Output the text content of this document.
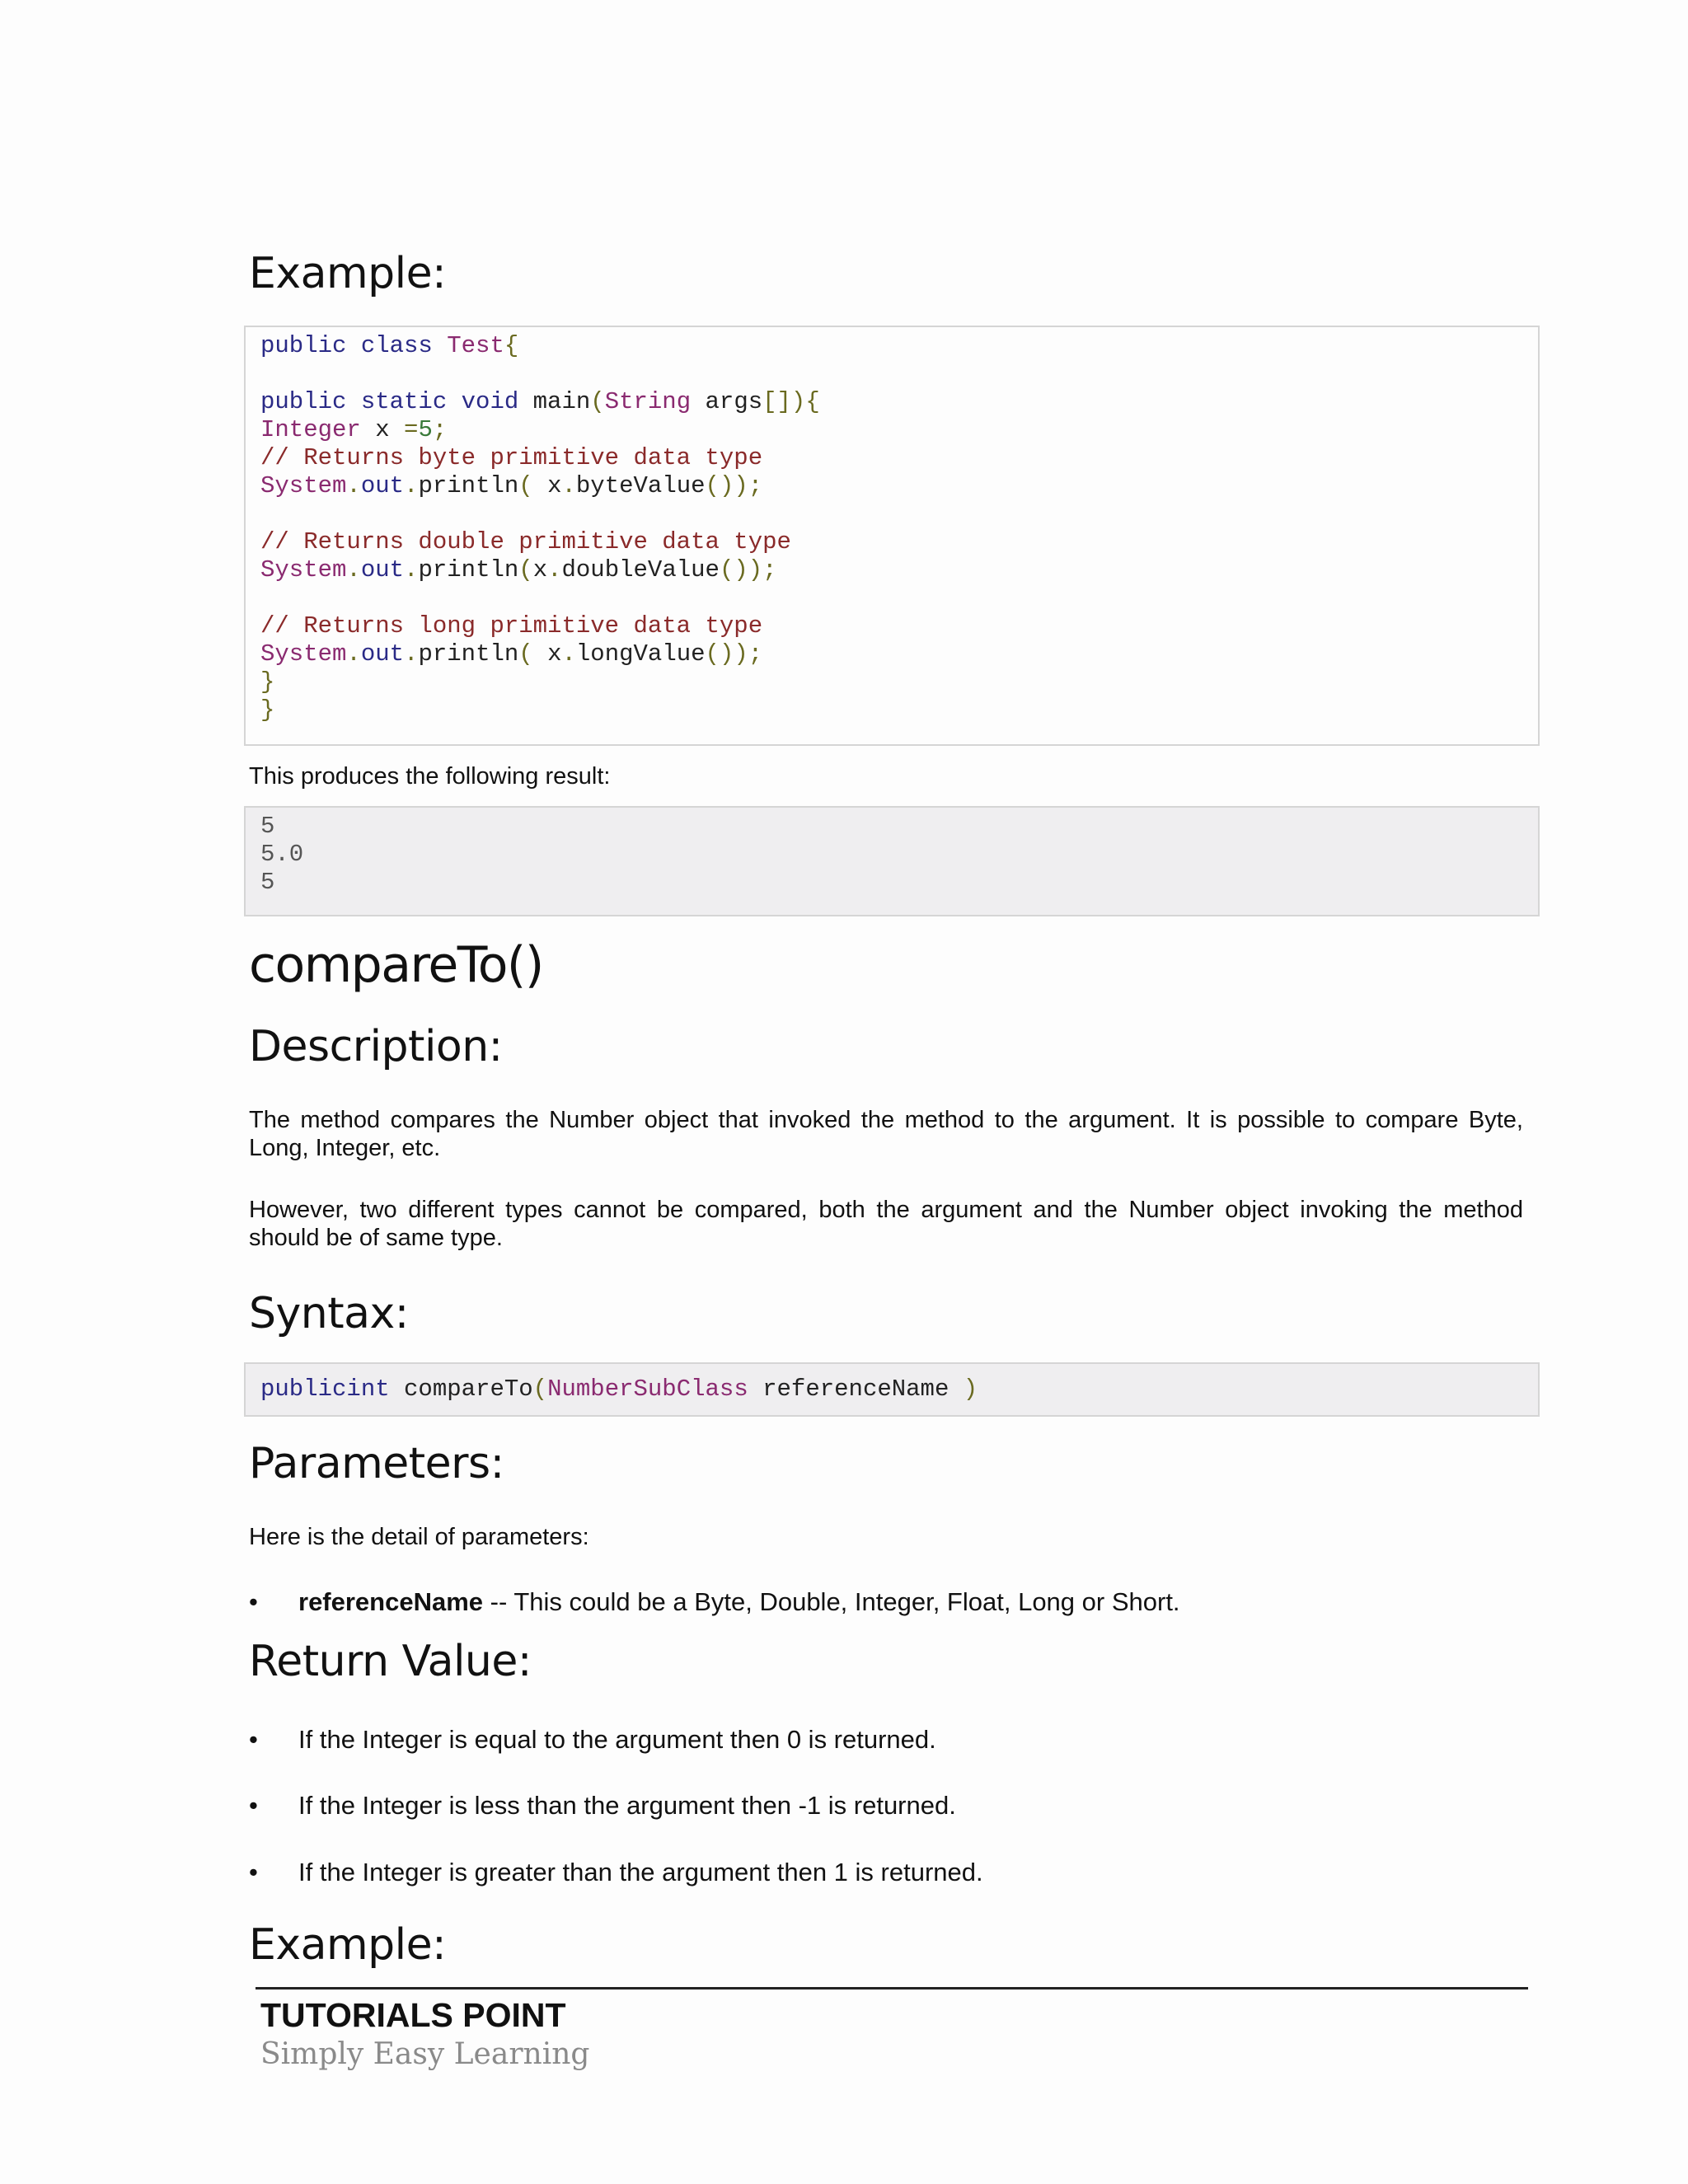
Example:
public class Test{
public static void main(String args[]){
Integer x =5;
// Returns byte primitive data type
System.out.println( x.byteValue());
// Returns double primitive data type
System.out.println(x.doubleValue());
// Returns long primitive data type
System.out.println( x.longValue());
}
}

This produces the following result:

5
5.0
5
compareTo()
Description:

The method compares the Number object that invoked the method to the argument. It is possible to compare Byte, Long, Integer, etc.

However, two different types cannot be compared, both the argument and the Number object invoking the method should be of same type.

Syntax:
publicint compareTo(NumberSubClass referenceName )
Parameters:

Here is the detail of parameters:

•	referenceName -- This could be a Byte, Double, Integer, Float, Long or Short.
Return Value:
•	If the Integer is equal to the argument then 0 is returned.
•	If the Integer is less than the argument then -1 is returned.
•	If the Integer is greater than the argument then 1 is returned.
Example:
TUTORIALS POINT
Simply Easy Learning
